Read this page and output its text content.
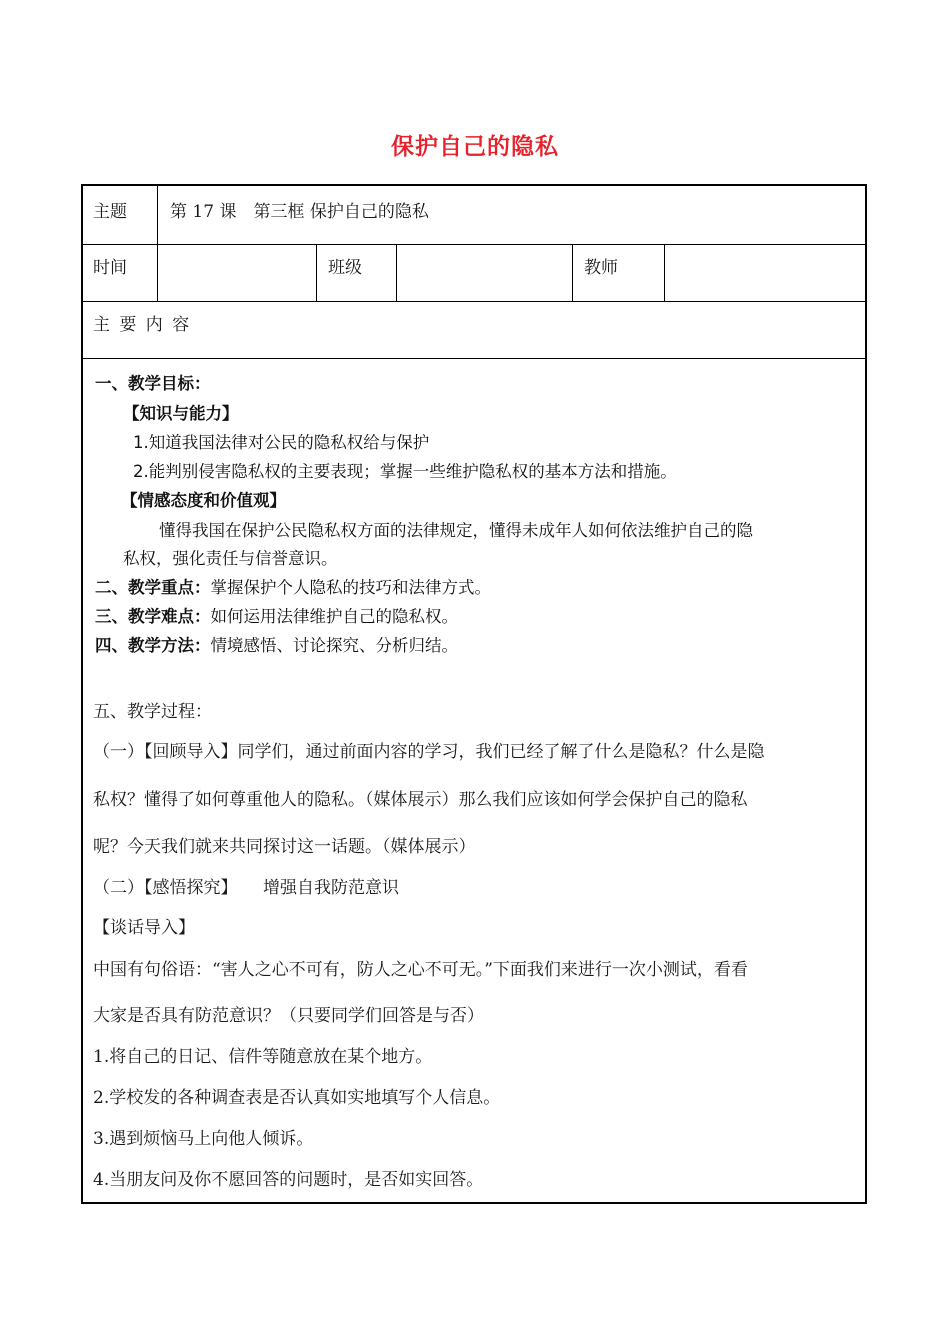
保护自己的隐私
主题	第 17 课　第三框 保护自己的隐私
时间	班级	教师
主 要 内 容
一、教学目标：
【知识与能力】
1.知道我国法律对公民的隐私权给与保护
2.能判别侵害隐私权的主要表现；掌握一些维护隐私权的基本方法和措施。
【情感态度和价值观】
懂得我国在保护公民隐私权方面的法律规定，懂得未成年人如何依法维护自己的隐
私权，强化责任与信誉意识。
二、教学重点：掌握保护个人隐私的技巧和法律方式。
三、教学难点：如何运用法律维护自己的隐私权。
四、教学方法：情境感悟、讨论探究、分析归结。
五、教学过程：
（一）【回顾导入】同学们，通过前面内容的学习，我们已经了解了什么是隐私？什么是隐
私权？懂得了如何尊重他人的隐私。（媒体展示）那么我们应该如何学会保护自己的隐私
呢？今天我们就来共同探讨这一话题。（媒体展示）
（二）【感悟探究】　　增强自我防范意识
【谈话导入】
中国有句俗语：“害人之心不可有，防人之心不可无。”下面我们来进行一次小测试，看看
大家是否具有防范意识？（只要同学们回答是与否）
1.将自己的日记、信件等随意放在某个地方。
2.学校发的各种调查表是否认真如实地填写个人信息。
3.遇到烦恼马上向他人倾诉。
4.当朋友问及你不愿回答的问题时，是否如实回答。
